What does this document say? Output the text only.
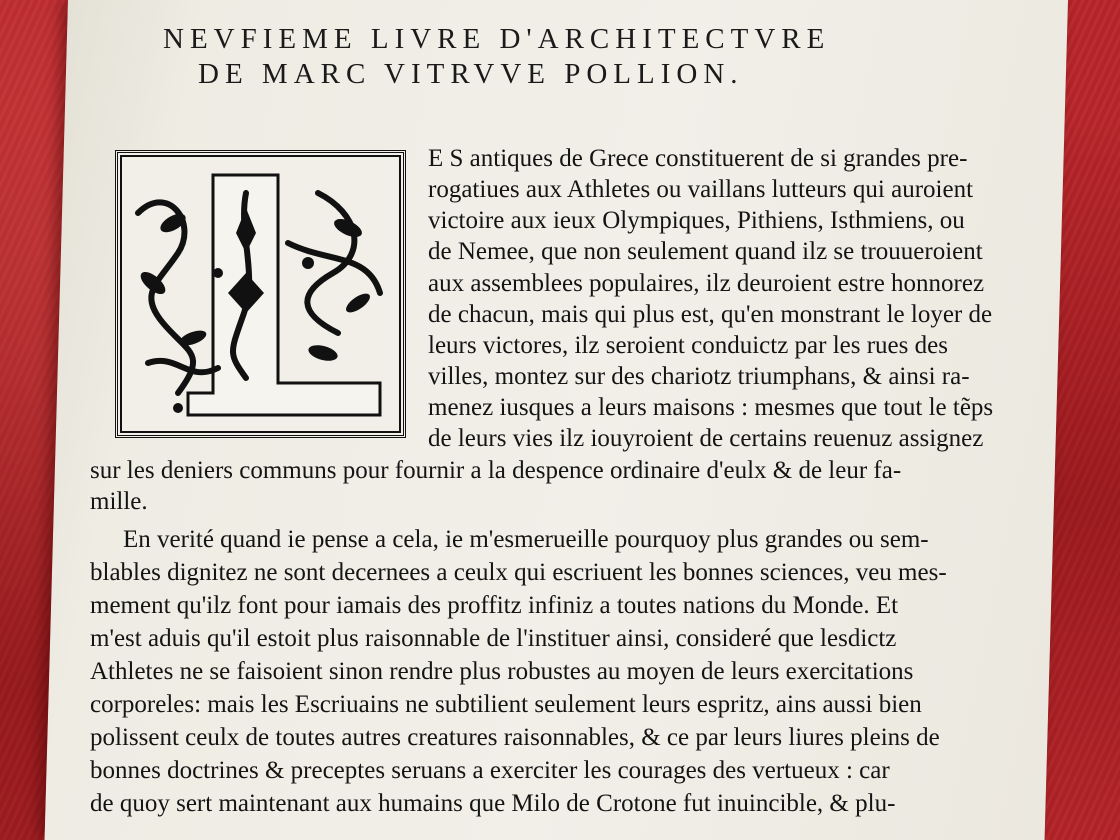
NEVFIEME LIVRE D'ARCHITECTVRE
DE MARC VITRVVE POLLION.
E S antiques de Grece constituerent de si grandes pre-
rogatiues aux Athletes ou vaillans lutteurs qui auroient
victoire aux ieux Olympiques, Pithiens, Isthmiens, ou
de Nemee, que non seulement quand ilz se trouueroient
aux assemblees populaires, ilz deuroient estre honnorez
de chacun, mais qui plus est, qu'en monstrant le loyer de
leurs victores, ilz seroient conduictz par les rues des
villes, montez sur des chariotz triumphans, & ainsi ra-
menez iusques a leurs maisons : mesmes que tout le tẽps
de leurs vies ilz iouyroient de certains reuenuz assignez
sur les deniers communs pour fournir a la despence ordinaire d'eulx & de leur fa-
mille.
En verité quand ie pense a cela, ie m'esmerueille pourquoy plus grandes ou sem-
blables dignitez ne sont decernees a ceulx qui escriuent les bonnes sciences, veu mes-
mement qu'ilz font pour iamais des proffitz infiniz a toutes nations du Monde. Et
m'est aduis qu'il estoit plus raisonnable de l'instituer ainsi, consideré que lesdictz
Athletes ne se faisoient sinon rendre plus robustes au moyen de leurs exercitations
corporeles: mais les Escriuains ne subtilient seulement leurs espritz, ains aussi bien
polissent ceulx de toutes autres creatures raisonnables, & ce par leurs liures pleins de
bonnes doctrines & preceptes seruans a exerciter les courages des vertueux : car
de quoy sert maintenant aux humains que Milo de Crotone fut inuincible, & plu-
